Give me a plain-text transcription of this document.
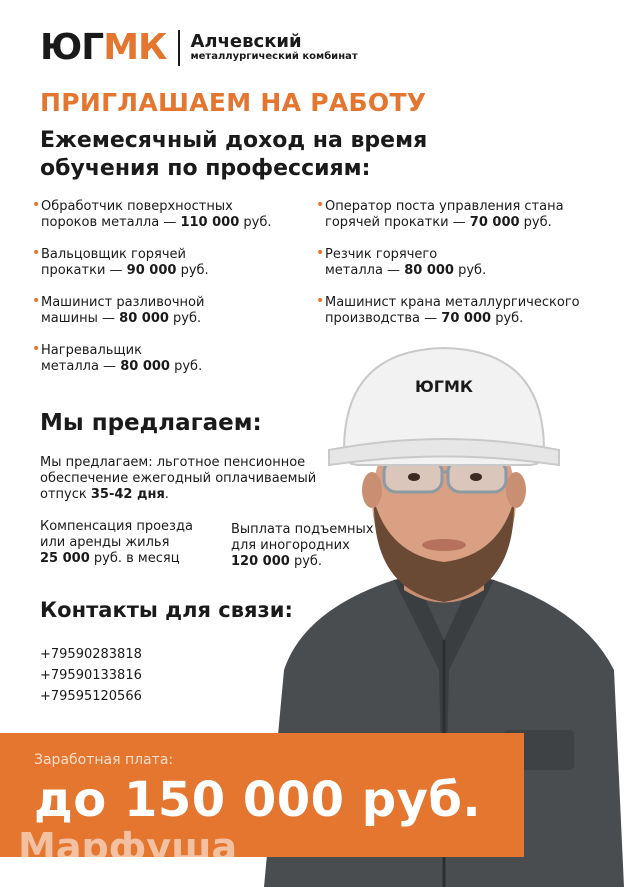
ЮГ МК Алчевский
металлургический комбинат
ПРИГЛАШАЕМ НА РАБОТУ
Ежемесячный доход на время обучения по профессиям:
• Обработчик поверхностных
пороков металла — 110 000 руб.
• Вальцовщик горячей
прокатки — 90 000 руб.
• Машинист разливочной
машины — 80 000 руб.
• Нагревальщик
металла — 80 000 руб.
• Оператор поста управления стана
горячей прокатки — 70 000 руб.
• Резчик горячего
металла — 80 000 руб.
• Машинист крана металлургического
производства — 70 000 руб.
ЮГМК
Мы предлагаем:
Мы предлагаем: льготное пенсионное
обеспечение ежегодный оплачиваемый
отпуск 35-42 дня.
Компенсация проезда
или аренды жилья
25 000 руб. в месяц
Выплата подъемных
для иногородних
120 000 руб.
Контакты для связи:
+79590283818
+79590133816
+79595120566
Заработная плата:
до 150 000 руб.
Марфуша
